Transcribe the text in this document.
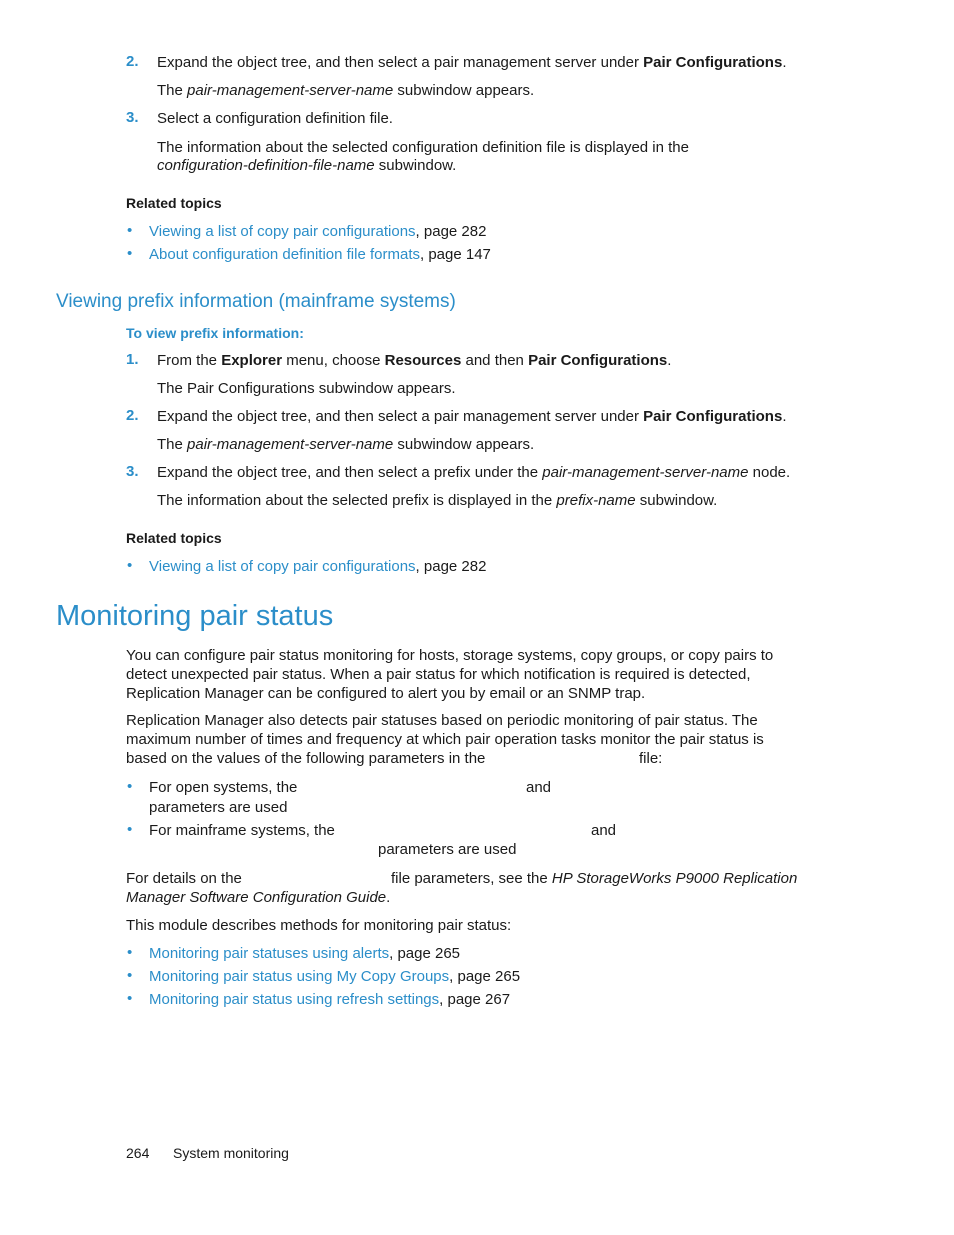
2. Expand the object tree, and then select a pair management server under Pair Configurations.
The pair-management-server-name subwindow appears.
3. Select a configuration definition file.
The information about the selected configuration definition file is displayed in the
configuration-definition-file-name subwindow.
Related topics
• Viewing a list of copy pair configurations, page 282
• About configuration definition file formats, page 147
Viewing prefix information (mainframe systems)
To view prefix information:
1. From the Explorer menu, choose Resources and then Pair Configurations.
The Pair Configurations subwindow appears.
2. Expand the object tree, and then select a pair management server under Pair Configurations.
The pair-management-server-name subwindow appears.
3. Expand the object tree, and then select a prefix under the pair-management-server-name node.
The information about the selected prefix is displayed in the prefix-name subwindow.
Related topics
• Viewing a list of copy pair configurations, page 282
Monitoring pair status
You can configure pair status monitoring for hosts, storage systems, copy groups, or copy pairs to
detect unexpected pair status. When a pair status for which notification is required is detected,
Replication Manager can be configured to alert you by email or an SNMP trap.
Replication Manager also detects pair statuses based on periodic monitoring of pair status. The
maximum number of times and frequency at which pair operation tasks monitor the pair status is
based on the values of the following parameters in the	file:
• For open systems, the	and
parameters are used
• For mainframe systems, the	and
parameters are used
For details on the	file parameters, see the HP StorageWorks P9000 Replication
Manager Software Configuration Guide.
This module describes methods for monitoring pair status:
• Monitoring pair statuses using alerts, page 265
• Monitoring pair status using My Copy Groups, page 265
• Monitoring pair status using refresh settings, page 267
264 System monitoring
